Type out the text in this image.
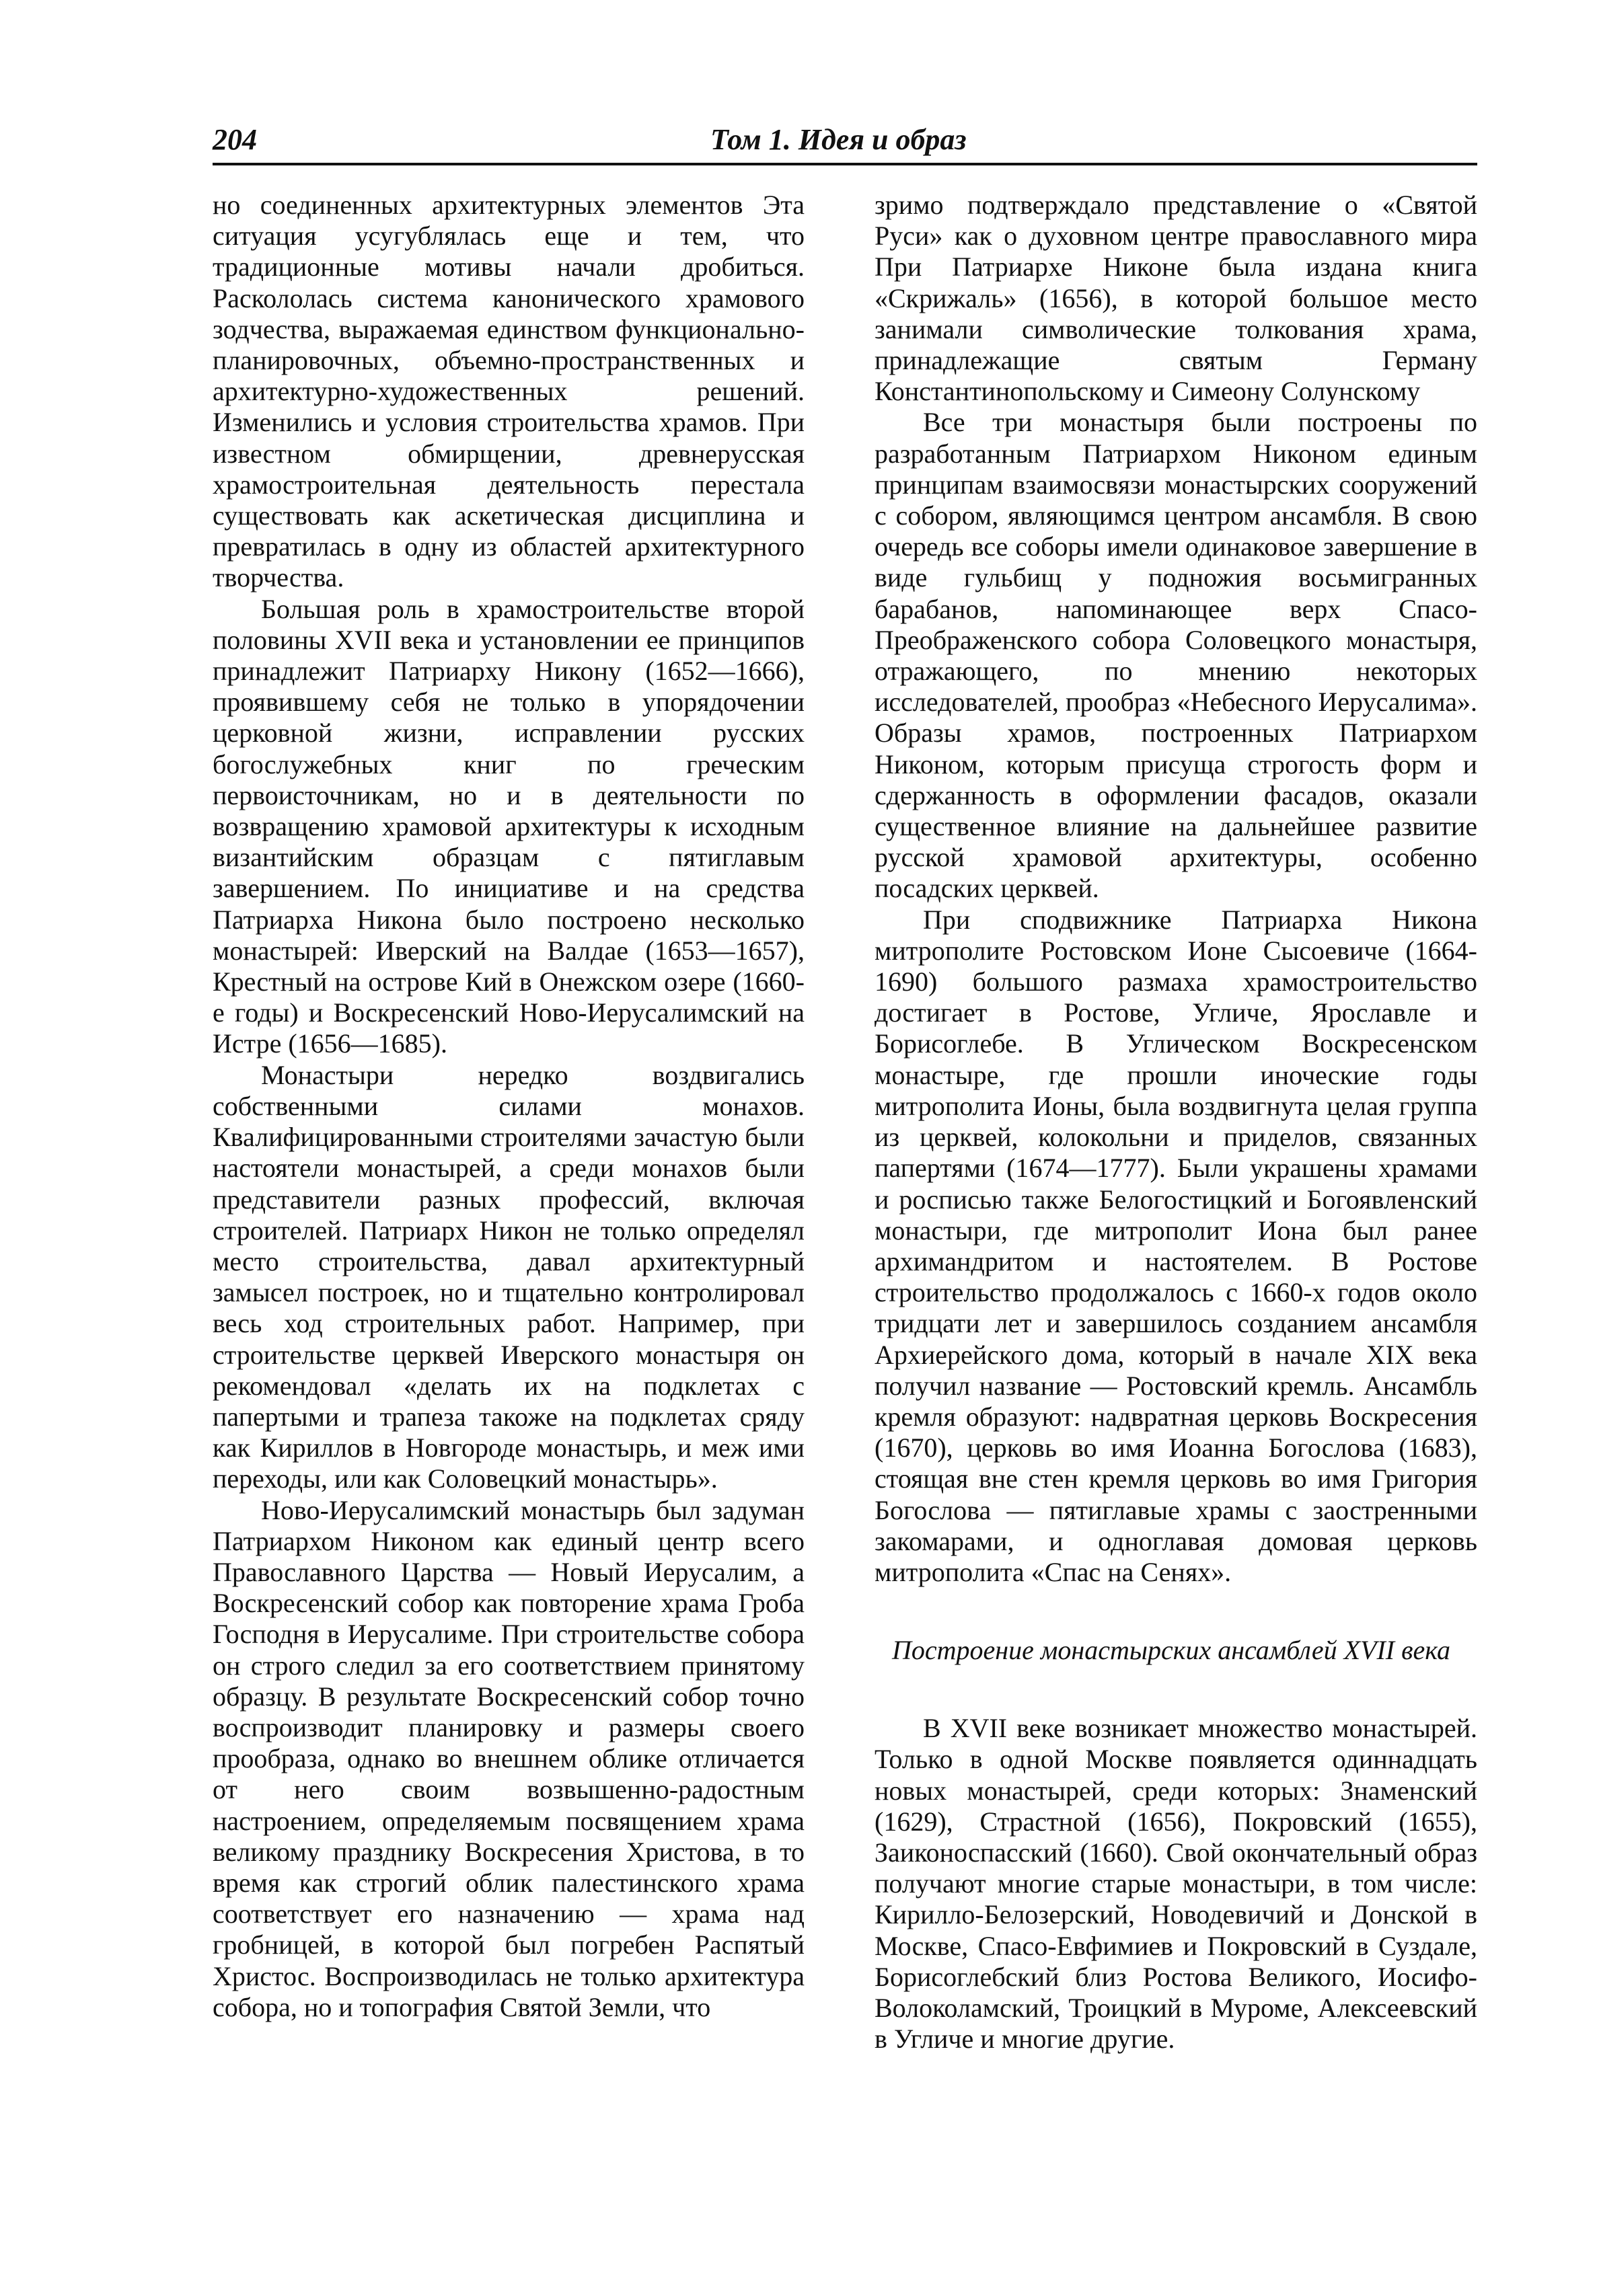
204	Том 1. Идея и образ

но соединенных архитектурных элементов Эта ситуация усугублялась еще и тем, что традиционные мотивы начали дробиться. Раскололась система канонического храмового зодчества, выражаемая единством функционально-планировочных, объемно-пространственных и архитектурно-художественных решений. Изменились и условия строительства храмов. При известном обмирщении, древнерусская храмостроительная деятельность перестала существовать как аскетическая дисциплина и превратилась в одну из областей архитектурного творчества.

Большая роль в храмостроительстве второй половины XVII века и установлении ее принципов принадлежит Патриарху Никону (1652—1666), проявившему себя не только в упорядочении церковной жизни, исправлении русских богослужебных книг по греческим первоисточникам, но и в деятельности по возвращению храмовой архитектуры к исходным византийским образцам с пятиглавым завершением. По инициативе и на средства Патриарха Никона было построено несколько монастырей: Иверский на Валдае (1653—1657), Крестный на острове Кий в Онежском озере (1660-е годы) и Воскресенский Ново-Иерусалимский на Истре (1656—1685).

Монастыри нередко воздвигались собственными силами монахов. Квалифицированными строителями зачастую были настоятели монастырей, а среди монахов были представители разных профессий, включая строителей. Патриарх Никон не только определял место строительства, давал архитектурный замысел построек, но и тщательно контролировал весь ход строительных работ. Например, при строительстве церквей Иверского монастыря он рекомендовал «делать их на подклетах с папертыми и трапеза такоже на подклетах сряду как Кириллов в Новгороде монастырь, и меж ими переходы, или как Соловецкий монастырь».

Ново-Иерусалимский монастырь был задуман Патриархом Никоном как единый центр всего Православного Царства — Новый Иерусалим, а Воскресенский собор как повторение храма Гроба Господня в Иерусалиме. При строительстве собора он строго следил за его соответствием принятому образцу. В результате Воскресенский собор точно воспроизводит планировку и размеры своего прообраза, однако во внешнем облике отличается от него своим возвышенно-радостным настроением, определяемым посвящением храма великому празднику Воскресения Христова, в то время как строгий облик палестинского храма соответствует его назначению — храма над гробницей, в которой был погребен Распятый Христос. Воспроизводилась не только архитектура собора, но и топография Святой Земли, что

зримо подтверждало представление о «Святой Руси» как о духовном центре православного мира При Патриархе Никоне была издана книга «Скрижаль» (1656), в которой большое место занимали символические толкования храма, принадлежащие святым Герману Константинопольскому и Симеону Солунскому

Все три монастыря были построены по разработанным Патриархом Никоном единым принципам взаимосвязи монастырских сооружений с собором, являющимся центром ансамбля. В свою очередь все соборы имели одинаковое завершение в виде гульбищ у подножия восьмигранных барабанов, напоминающее верх Спасо-Преображенского собора Соловецкого монастыря, отражающего, по мнению некоторых исследователей, прообраз «Небесного Иерусалима». Образы храмов, построенных Патриархом Никоном, которым присуща строгость форм и сдержанность в оформлении фасадов, оказали существенное влияние на дальнейшее развитие русской храмовой архитектуры, особенно посадских церквей.

При сподвижнике Патриарха Никона митрополите Ростовском Ионе Сысоевиче (1664-1690) большого размаха храмостроительство достигает в Ростове, Угличе, Ярославле и Борисоглебе. В Углическом Воскресенском монастыре, где прошли иноческие годы митрополита Ионы, была воздвигнута целая группа из церквей, колокольни и приделов, связанных папертями (1674—1777). Были украшены храмами и росписью также Белогостицкий и Богоявленский монастыри, где митрополит Иона был ранее архимандритом и настоятелем. В Ростове строительство продолжалось с 1660-х годов около тридцати лет и завершилось созданием ансамбля Архиерейского дома, который в начале XIX века получил название — Ростовский кремль. Ансамбль кремля образуют: надвратная церковь Воскресения (1670), церковь во имя Иоанна Богослова (1683), стоящая вне стен кремля церковь во имя Григория Богослова — пятиглавые храмы с заостренными закомарами, и одноглавая домовая церковь митрополита «Спас на Сенях».

Построение монастырских ансамблей XVII века

В XVII веке возникает множество монастырей. Только в одной Москве появляется одиннадцать новых монастырей, среди которых: Знаменский (1629), Страстной (1656), Покровский (1655), Заиконоспасский (1660). Свой окончательный образ получают многие старые монастыри, в том числе: Кирилло-Белозерский, Новодевичий и Донской в Москве, Спасо-Евфимиев и Покровский в Суздале, Борисоглебский близ Ростова Великого, Иосифо-Волоколамский, Троицкий в Муроме, Алексеевский в Угличе и многие другие.
